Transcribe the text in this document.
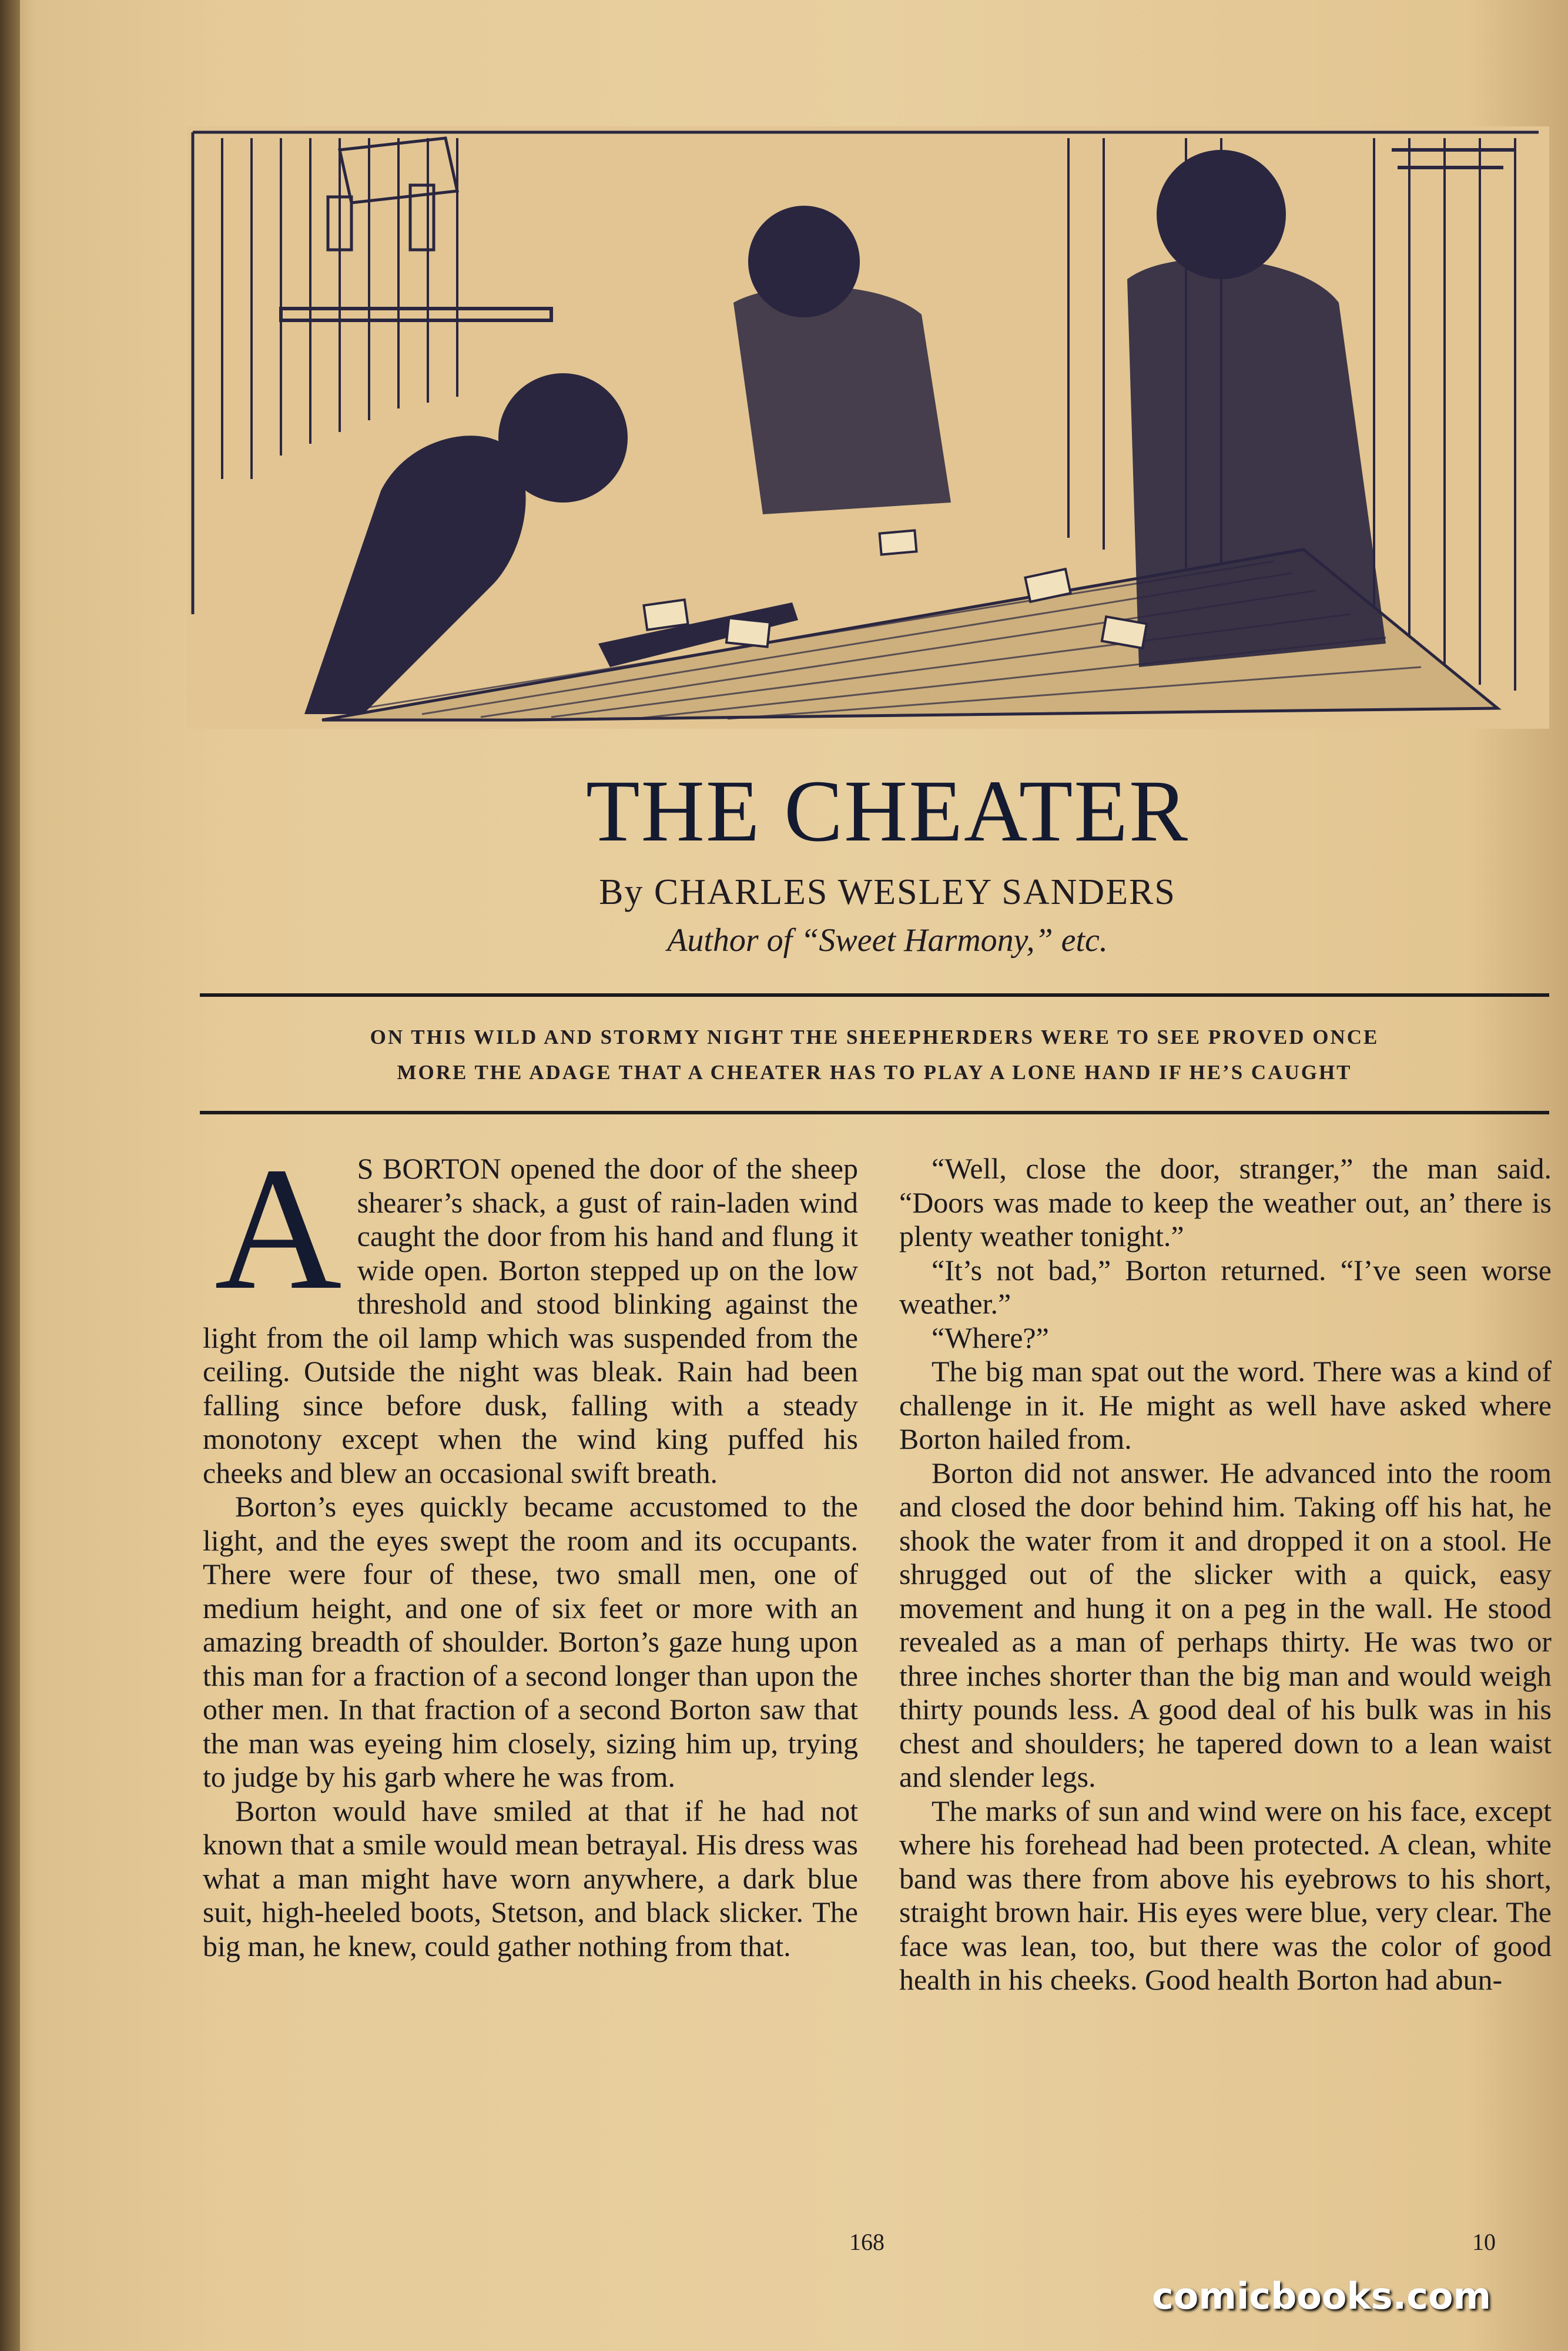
THE CHEATER
By CHARLES WESLEY SANDERS
Author of “Sweet Harmony,” etc.
ON THIS WILD AND STORMY NIGHT THE SHEEPHERDERS WERE TO SEE PROVED ONCE
MORE THE ADAGE THAT A CHEATER HAS TO PLAY A LONE HAND IF HE’S CAUGHT

A S BORTON opened the door of the sheep shearer’s shack, a gust of rain-laden wind caught the door from his hand and flung it wide open. Borton stepped up on the low threshold and stood blinking against the light from the oil lamp which was suspended from the ceiling. Outside the night was bleak. Rain had been falling since before dusk, falling with a steady monotony except when the wind king puffed his cheeks and blew an occasional swift breath.

Borton’s eyes quickly became accustomed to the light, and the eyes swept the room and its occupants. There were four of these, two small men, one of medium height, and one of six feet or more with an amazing breadth of shoulder. Borton’s gaze hung upon this man for a fraction of a second longer than upon the other men. In that fraction of a second Borton saw that the man was eyeing him closely, sizing him up, trying to judge by his garb where he was from.

Borton would have smiled at that if he had not known that a smile would mean betrayal. His dress was what a man might have worn anywhere, a dark blue suit, high-heeled boots, Stetson, and black slicker. The big man, he knew, could gather nothing from that.

“Well, close the door, stranger,” the man said. “Doors was made to keep the weather out, an’ there is plenty weather tonight.”

“It’s not bad,” Borton returned. “I’ve seen worse weather.”

“Where?”

The big man spat out the word. There was a kind of challenge in it. He might as well have asked where Borton hailed from.

Borton did not answer. He advanced into the room and closed the door behind him. Taking off his hat, he shook the water from it and dropped it on a stool. He shrugged out of the slicker with a quick, easy movement and hung it on a peg in the wall. He stood revealed as a man of perhaps thirty. He was two or three inches shorter than the big man and would weigh thirty pounds less. A good deal of his bulk was in his chest and shoulders; he tapered down to a lean waist and slender legs.

The marks of sun and wind were on his face, except where his forehead had been protected. A clean, white band was there from above his eyebrows to his short, straight brown hair. His eyes were blue, very clear. The face was lean, too, but there was the color of good health in his cheeks. Good health Borton had abun-

168	10
comicbooks.com
